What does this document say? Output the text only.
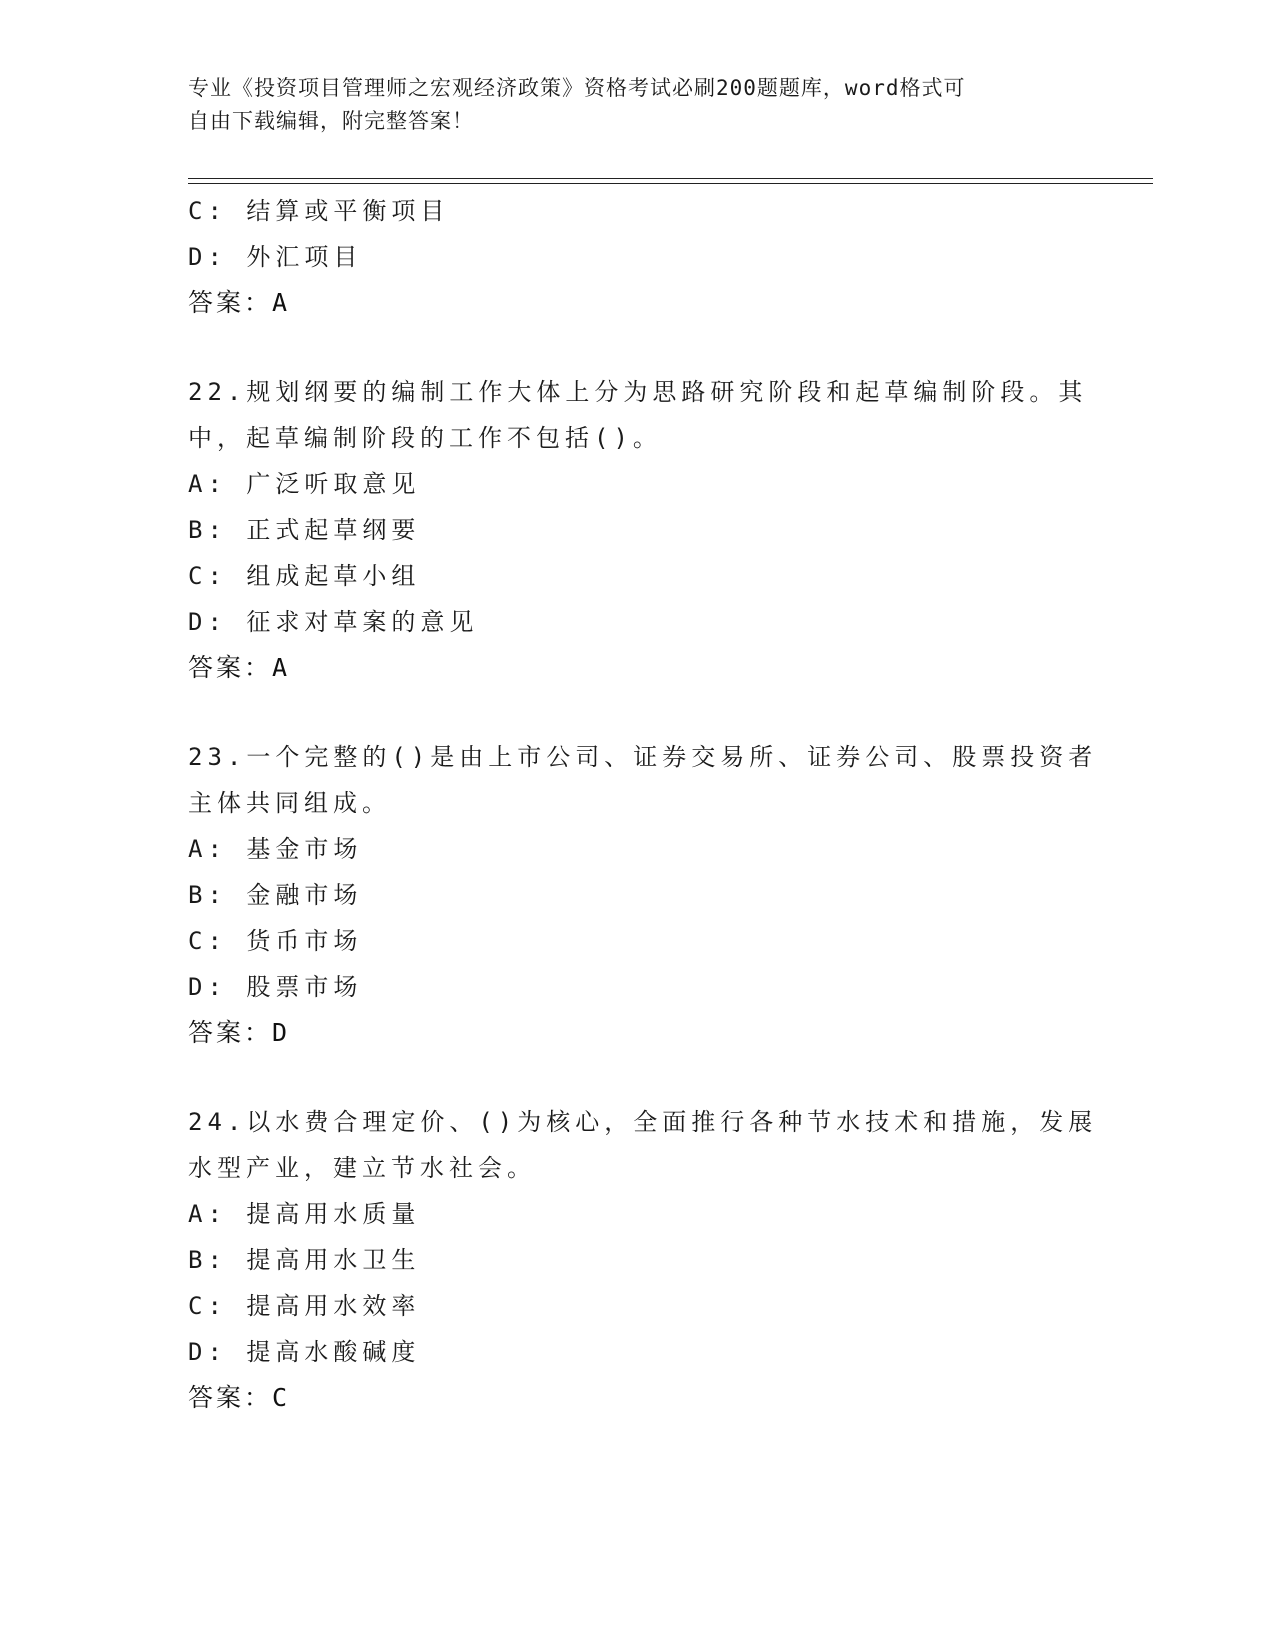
专业《投资项目管理师之宏观经济政策》资格考试必刷200题题库，word格式可
自由下载编辑，附完整答案！
C: 结算或平衡项目
D: 外汇项目
答案：A
22.规划纲要的编制工作大体上分为思路研究阶段和起草编制阶段。其
中，起草编制阶段的工作不包括()。
A: 广泛听取意见
B: 正式起草纲要
C: 组成起草小组
D: 征求对草案的意见
答案：A
23.一个完整的()是由上市公司、证券交易所、证券公司、股票投资者
主体共同组成。
A: 基金市场
B: 金融市场
C: 货币市场
D: 股票市场
答案：D
24.以水费合理定价、()为核心，全面推行各种节水技术和措施，发展
水型产业，建立节水社会。
A: 提高用水质量
B: 提高用水卫生
C: 提高用水效率
D: 提高水酸碱度
答案：C
